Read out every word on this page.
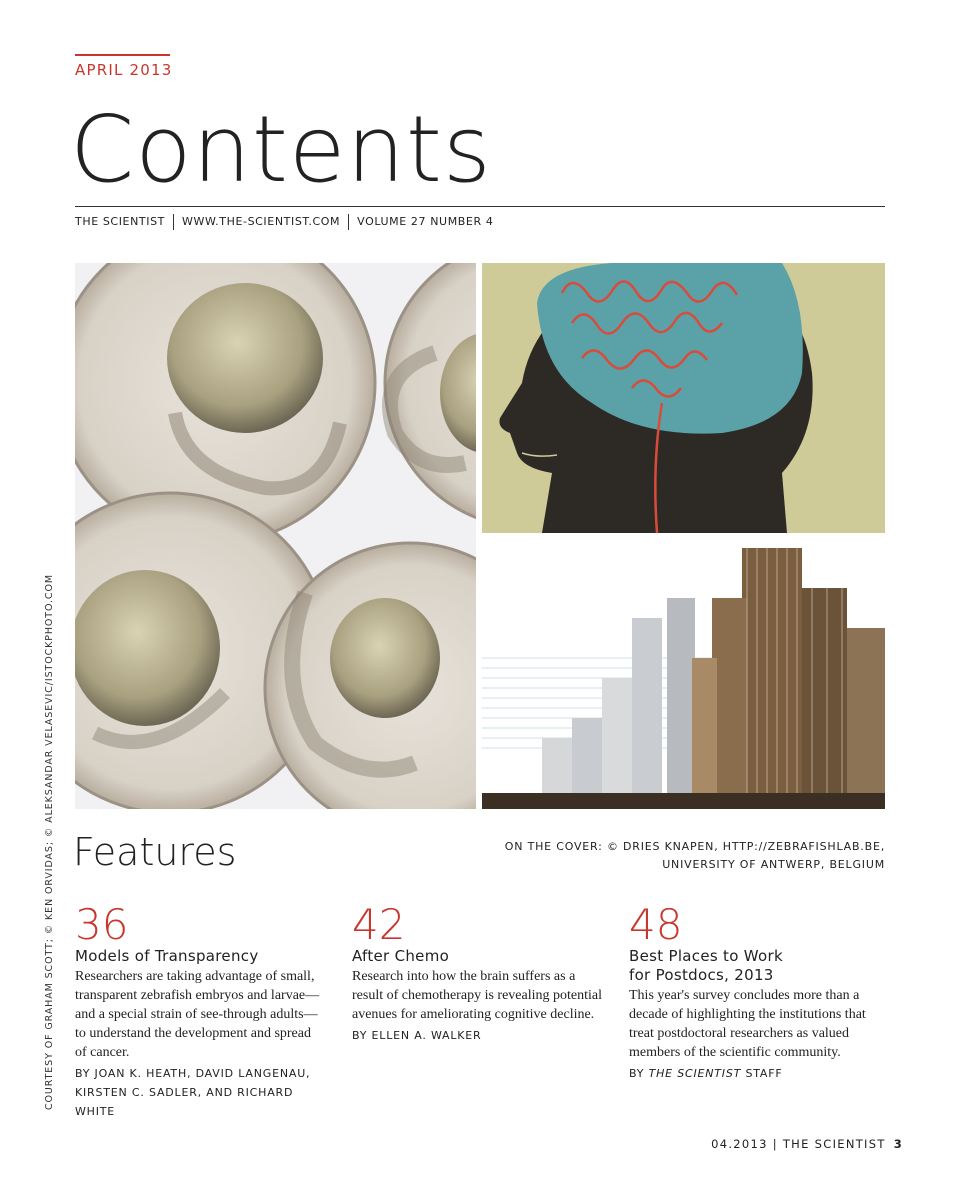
APRIL 2013
Contents
THE SCIENTIST	WWW.THE-SCIENTIST.COM	VOLUME 27 NUMBER 4
COURTESY OF GRAHAM SCOTT; © KEN ORVIDAS; © ALEKSANDAR VELASEVIC/ISTOCKPHOTO.COM Features	ON THE COVER: © DRIES KNAPEN, HTTP://ZEBRAFISHLAB.BE,
UNIVERSITY OF ANTWERP, BELGIUM
36
Models of Transparency

Researchers are taking advantage of small, transparent zebrafish embryos and larvae—and a special strain of see-through adults—to understand the development and spread of cancer.

BY JOAN K. HEATH, DAVID LANGENAU, KIRSTEN C. SADLER, AND RICHARD WHITE
42
After Chemo

Research into how the brain suffers as a result of chemotherapy is revealing potential avenues for ameliorating cognitive decline.

BY ELLEN A. WALKER
48
Best Places to Work
for Postdocs, 2013

This year's survey concludes more than a decade of highlighting the institutions that treat postdoctoral researchers as valued members of the scientific community.

BY THE SCIENTIST STAFF
04.2013 | THE SCIENTIST 3
